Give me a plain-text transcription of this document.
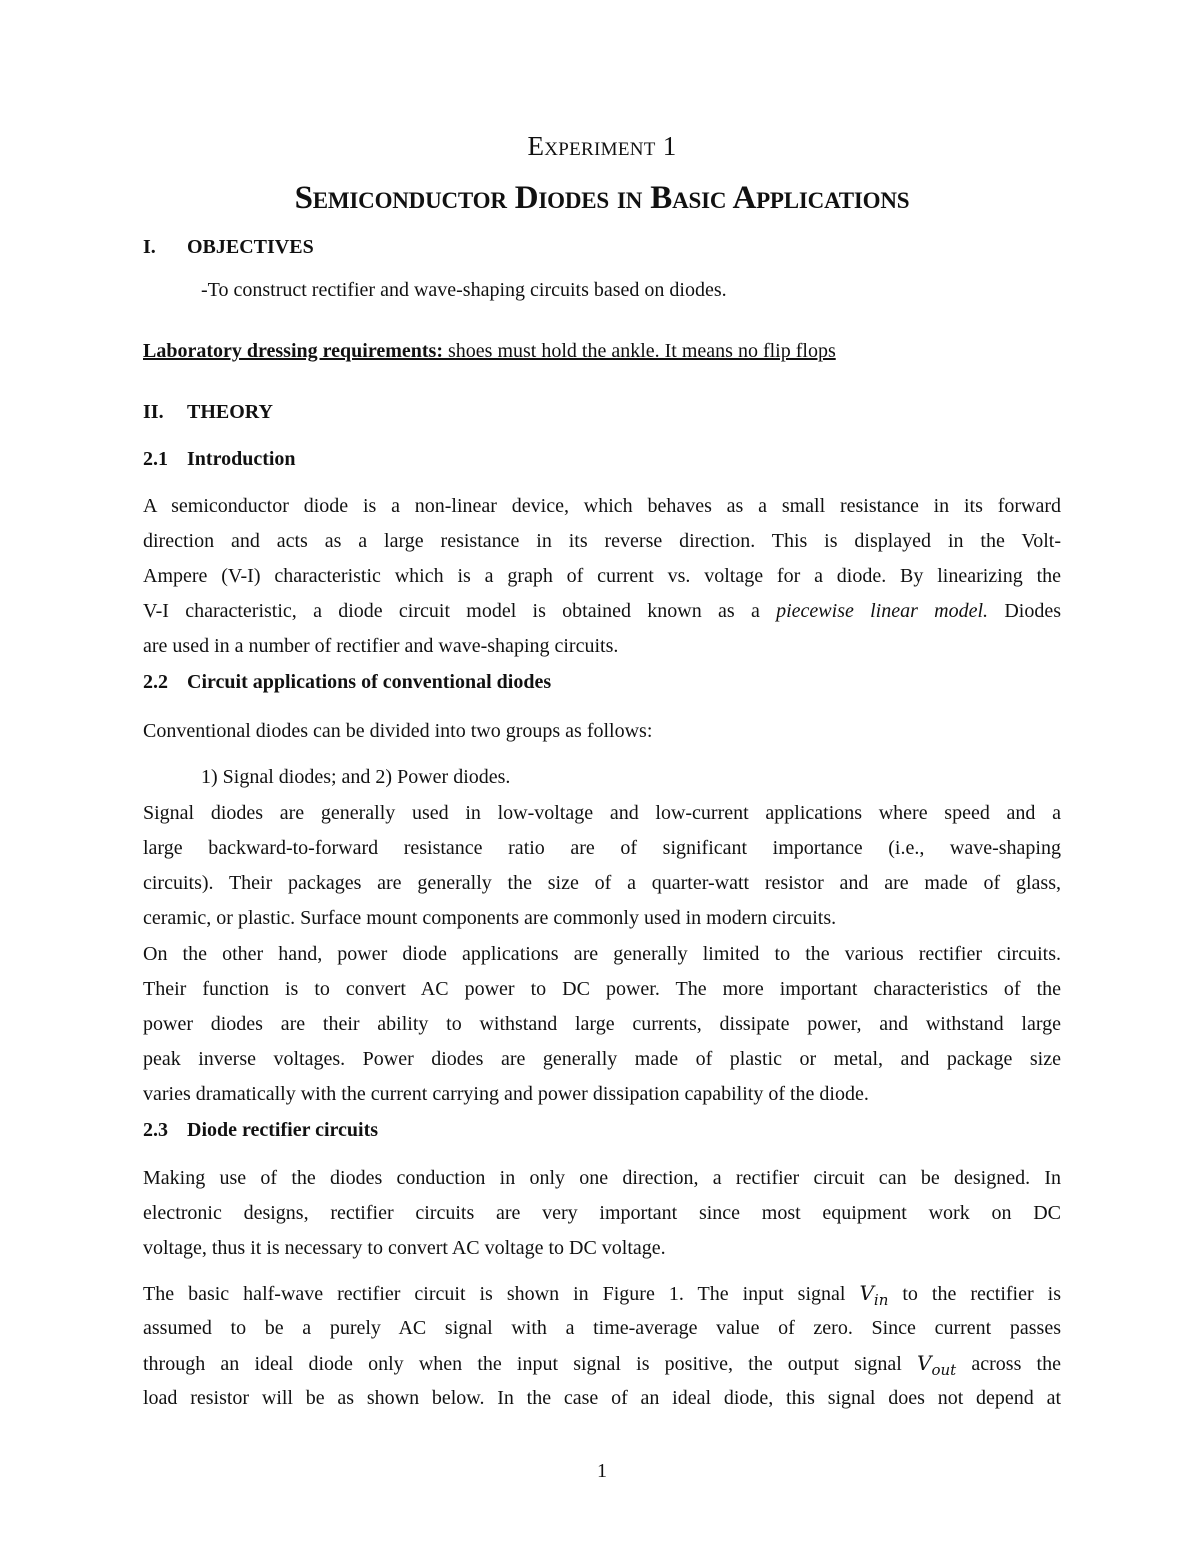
Experiment 1
Semiconductor Diodes in Basic Applications
I. OBJECTIVES
-To construct rectifier and wave-shaping circuits based on diodes.
Laboratory dressing requirements: shoes must hold the ankle. It means no flip flops
II. THEORY
2.1 Introduction
A semiconductor diode is a non-linear device, which behaves as a small resistance in its forward
direction and acts as a large resistance in its reverse direction. This is displayed in the Volt-
Ampere (V-I) characteristic which is a graph of current vs. voltage for a diode. By linearizing the
V-I characteristic, a diode circuit model is obtained known as a piecewise linear model. Diodes
are used in a number of rectifier and wave-shaping circuits.
2.2 Circuit applications of conventional diodes
Conventional diodes can be divided into two groups as follows:
1) Signal diodes; and 2) Power diodes.
Signal diodes are generally used in low-voltage and low-current applications where speed and a
large backward-to-forward resistance ratio are of significant importance (i.e., wave-shaping
circuits). Their packages are generally the size of a quarter-watt resistor and are made of glass,
ceramic, or plastic. Surface mount components are commonly used in modern circuits.
On the other hand, power diode applications are generally limited to the various rectifier circuits.
Their function is to convert AC power to DC power. The more important characteristics of the
power diodes are their ability to withstand large currents, dissipate power, and withstand large
peak inverse voltages. Power diodes are generally made of plastic or metal, and package size
varies dramatically with the current carrying and power dissipation capability of the diode.
2.3 Diode rectifier circuits
Making use of the diodes conduction in only one direction, a rectifier circuit can be designed. In
electronic designs, rectifier circuits are very important since most equipment work on DC
voltage, thus it is necessary to convert AC voltage to DC voltage.
The basic half-wave rectifier circuit is shown in Figure 1. The input signal $V_{in}$ to the rectifier is
assumed to be a purely AC signal with a time-average value of zero. Since current passes
through an ideal diode only when the input signal is positive, the output signal $V_{out}$ across the
load resistor will be as shown below. In the case of an ideal diode, this signal does not depend at
1
